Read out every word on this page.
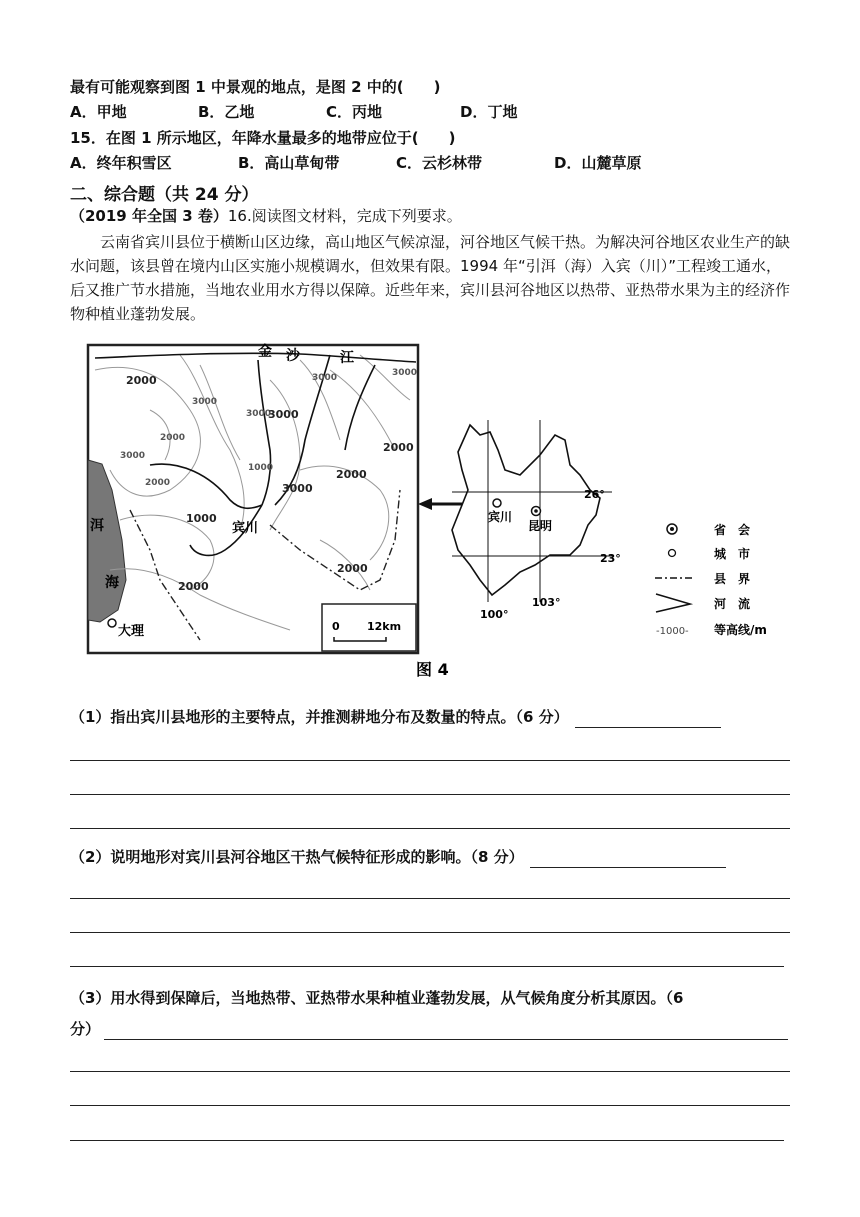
最有可能观察到图 1 中景观的地点，是图 2 中的(　　)
A．甲地	B．乙地	C．丙地	D．丁地
15．在图 1 所示地区，年降水量最多的地带应位于(　　)
A．终年积雪区	B．高山草甸带	C．云杉林带	D．山麓草原
二、综合题（共 24 分）
（2019 年全国 3 卷）16.阅读图文材料，完成下列要求。
云南省宾川县位于横断山区边缘，高山地区气候凉湿，河谷地区气候干热。为解决河谷地区农业生产的缺水问题，该县曾在境内山区实施小规模调水，但效果有限。1994 年“引洱（海）入宾（川）”工程竣工通水，后又推广节水措施，当地农业用水方得以保障。近些年来，宾川县河谷地区以热带、亚热带水果为主的经济作物种植业蓬勃发展。
金 沙	江
2000
3000
3000	3000
2000
3000
1000
3000
3000
2000
2000
1000
3000
2000
2000
2000
宾川
大理
洱
海
0 12km
26°
23°
100°
103°
宾川
昆明	省　会
城　市
县　界
河　流
-1000- 等高线/m
图 4
（1）指出宾川县地形的主要特点，并推测耕地分布及数量的特点。（6 分）
（2）说明地形对宾川县河谷地区干热气候特征形成的影响。（8 分）
（3）用水得到保障后，当地热带、亚热带水果种植业蓬勃发展，从气候角度分析其原因。（6
分）
